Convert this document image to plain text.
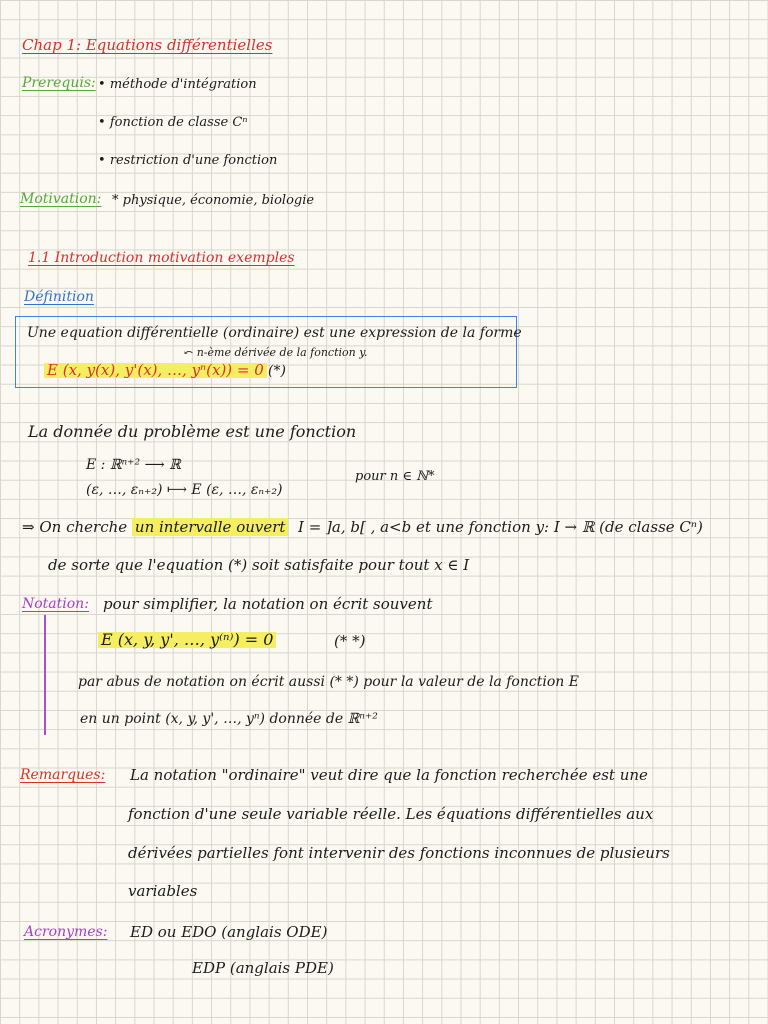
Chap 1: Equations différentielles
Prerequis: • méthode d'intégration
• fonction de classe Cⁿ
• restriction d'une fonction
Motivation: * physique, économie, biologie
1.1 Introduction motivation exemples
Définition
Une equation différentielle (ordinaire) est une expression de la forme
⤺ n-ème dérivée de la fonction y.
E (x, y(x), y'(x), …, yⁿ(x)) = 0 (*)
La donnée du problème est une fonction
E : ℝⁿ⁺² ⟶ ℝ
pour n ∈ ℕ*
(ε, …, εₙ₊₂) ⟼ E (ε, …, εₙ₊₂)
⇒ On cherche un intervalle ouvert I = ]a, b[ , a<b et une fonction y: I → ℝ (de classe Cⁿ)
de sorte que l'equation (*) soit satisfaite pour tout x ∈ I
Notation: pour simplifier, la notation on écrit souvent
E (x, y, y', …, y⁽ⁿ⁾) = 0	(* *)
par abus de notation on écrit aussi (* *) pour la valeur de la fonction E
en un point (x, y, y', …, yⁿ) donnée de ℝⁿ⁺²
Remarques: La notation "ordinaire" veut dire que la fonction recherchée est une
fonction d'une seule variable réelle. Les équations différentielles aux
dérivées partielles font intervenir des fonctions inconnues de plusieurs
variables
Acronymes: ED ou EDO (anglais ODE)
EDP (anglais PDE)
